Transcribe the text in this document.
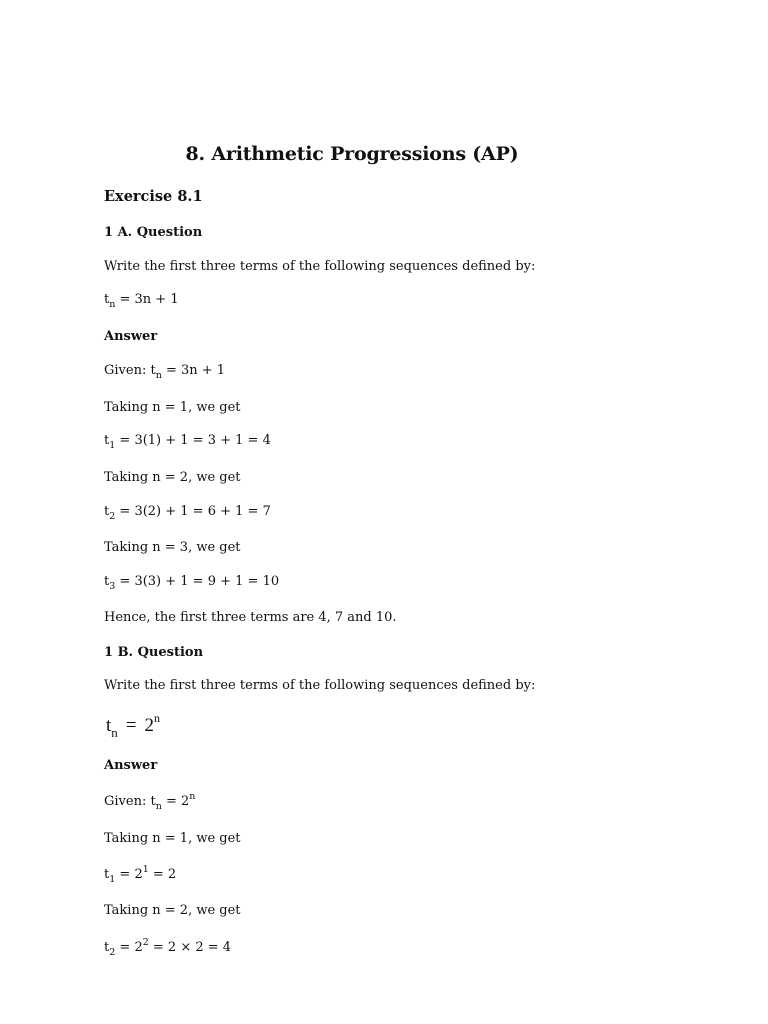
8. Arithmetic Progressions (AP)
Exercise 8.1
1 A. Question
Write the first three terms of the following sequences defined by:
$t_n = 3n + 1$
Answer
Given: $t_n = 3n + 1$
Taking n = 1, we get
$t_1 = 3(1) + 1 = 3 + 1 = 4$
Taking n = 2, we get
$t_2 = 3(2) + 1 = 6 + 1 = 7$
Taking n = 3, we get
$t_3 = 3(3) + 1 = 9 + 1 = 10$
Hence, the first three terms are 4, 7 and 10.
1 B. Question
Write the first three terms of the following sequences defined by:
$t_n = 2^n$
Answer
Given: $t_n = 2^n$
Taking n = 1, we get
$t_1 = 2^1 = 2$
Taking n = 2, we get
$t_2 = 2^2 = 2 \times 2 = 4$
